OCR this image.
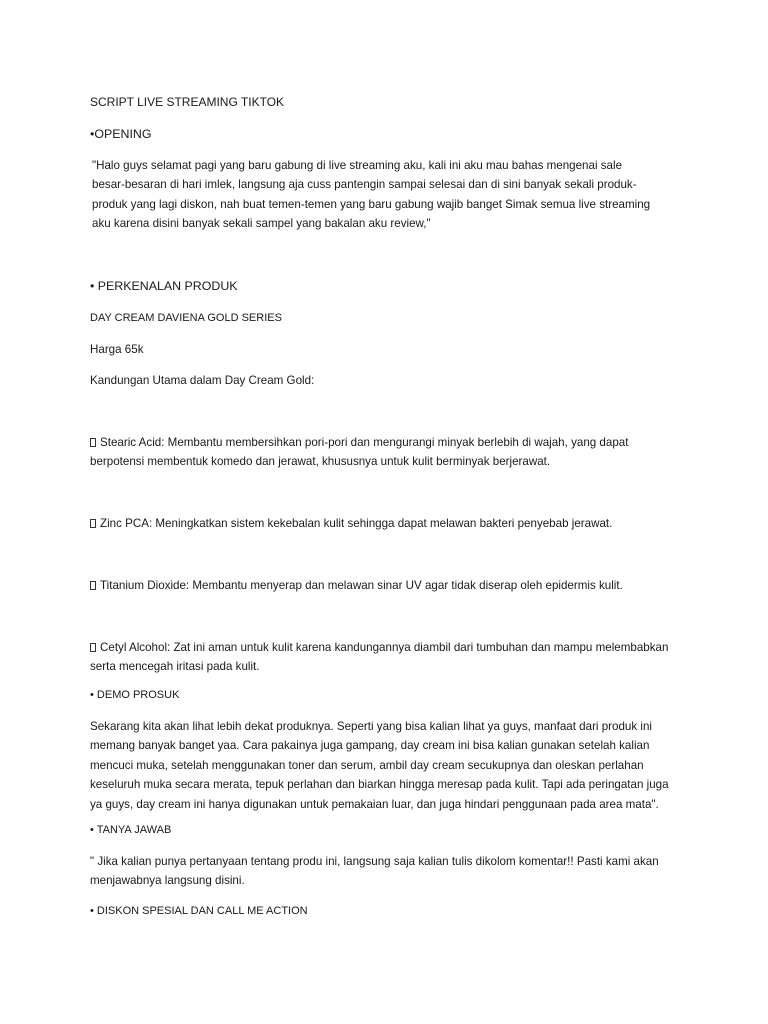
SCRIPT LIVE STREAMING TIKTOK

•OPENING

"Halo guys selamat pagi yang baru gabung di live streaming aku, kali ini aku mau bahas mengenai sale besar-besaran di hari imlek, langsung aja cuss pantengin sampai selesai dan di sini banyak sekali produk-produk yang lagi diskon, nah buat temen-temen yang baru gabung wajib banget Simak semua live streaming aku karena disini banyak sekali sampel yang bakalan aku review,"

• PERKENALAN PRODUK

DAY CREAM DAVIENA GOLD SERIES

Harga 65k

Kandungan Utama dalam Day Cream Gold:

Stearic Acid: Membantu membersihkan pori-pori dan mengurangi minyak berlebih di wajah, yang dapat berpotensi membentuk komedo dan jerawat, khususnya untuk kulit berminyak berjerawat.

Zinc PCA: Meningkatkan sistem kekebalan kulit sehingga dapat melawan bakteri penyebab jerawat.

Titanium Dioxide: Membantu menyerap dan melawan sinar UV agar tidak diserap oleh epidermis kulit.

Cetyl Alcohol: Zat ini aman untuk kulit karena kandungannya diambil dari tumbuhan dan mampu melembabkan serta mencegah iritasi pada kulit.

• DEMO PROSUK

Sekarang kita akan lihat lebih dekat produknya. Seperti yang bisa kalian lihat ya guys, manfaat dari produk ini memang banyak banget yaa. Cara pakainya juga gampang, day cream ini bisa kalian gunakan setelah kalian mencuci muka, setelah menggunakan toner dan serum, ambil day cream secukupnya dan oleskan perlahan keseluruh muka secara merata, tepuk perlahan dan biarkan hingga meresap pada kulit. Tapi ada peringatan juga ya guys, day cream ini hanya digunakan untuk pemakaian luar, dan juga hindari penggunaan pada area mata".

• TANYA JAWAB

" Jika kalian punya pertanyaan tentang produ ini, langsung saja kalian tulis dikolom komentar!! Pasti kami akan menjawabnya langsung disini.

• DISKON SPESIAL DAN CALL ME ACTION
